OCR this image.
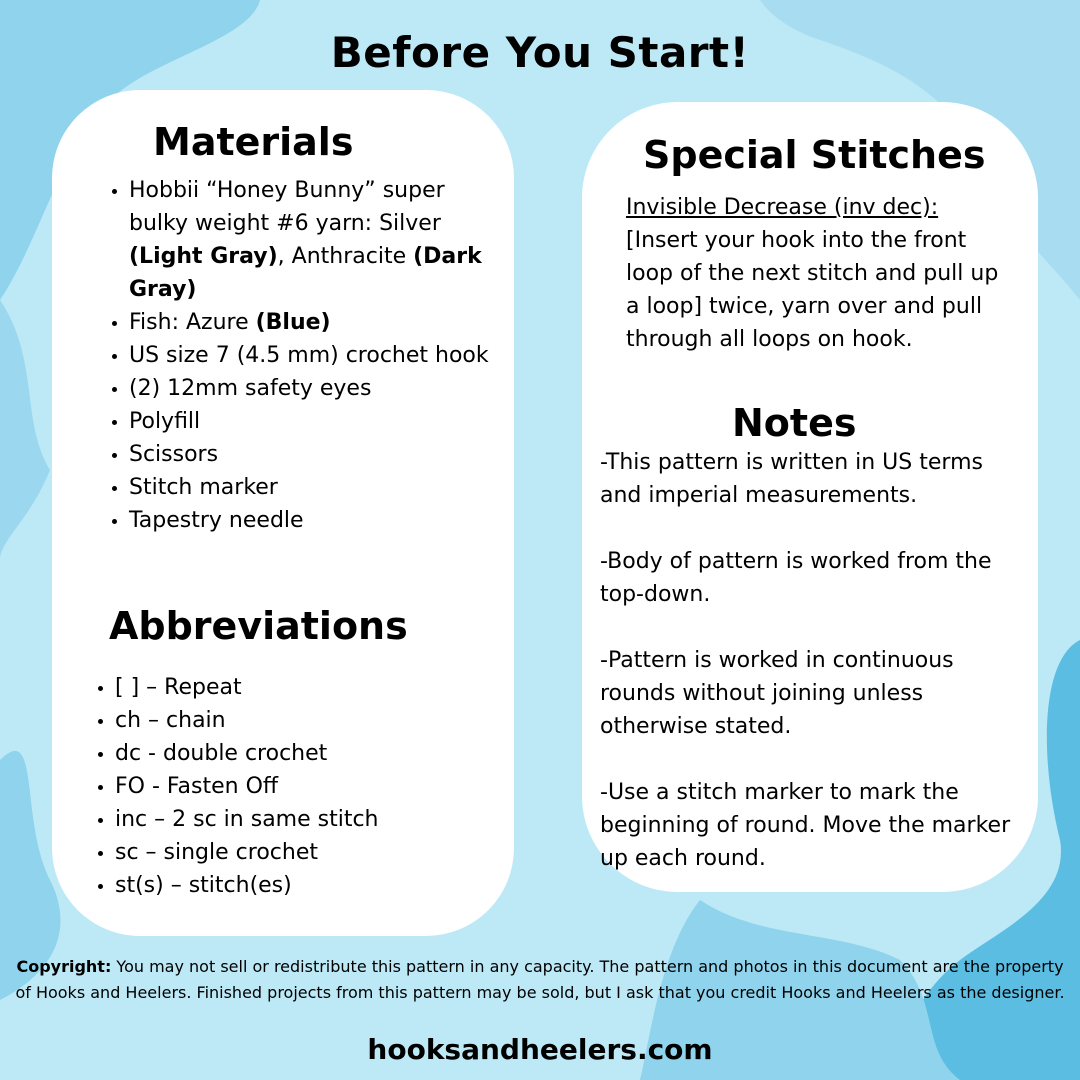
Before You Start!
Materials
Hobbii “Honey Bunny” super bulky weight #6 yarn: Silver (Light Gray), Anthracite (Dark Gray)
Fish: Azure (Blue)
US size 7 (4.5 mm) crochet hook
(2) 12mm safety eyes
Polyfill
Scissors
Stitch marker
Tapestry needle
Abbreviations
[ ] – Repeat
ch – chain
dc - double crochet
FO - Fasten Off
inc – 2 sc in same stitch
sc – single crochet
st(s) – stitch(es)
Special Stitches
Invisible Decrease (inv dec):
[Insert your hook into the front loop of the next stitch and pull up a loop] twice, yarn over and pull through all loops on hook.
Notes

-This pattern is written in US terms and imperial measurements.

-Body of pattern is worked from the top-down.

-Pattern is worked in continuous rounds without joining unless otherwise stated.

-Use a stitch marker to mark the beginning of round. Move the marker up each round.

Copyright: You may not sell or redistribute this pattern in any capacity. The pattern and photos in this document are the property of Hooks and Heelers. Finished projects from this pattern may be sold, but I ask that you credit Hooks and Heelers as the designer.
hooksandheelers.com
